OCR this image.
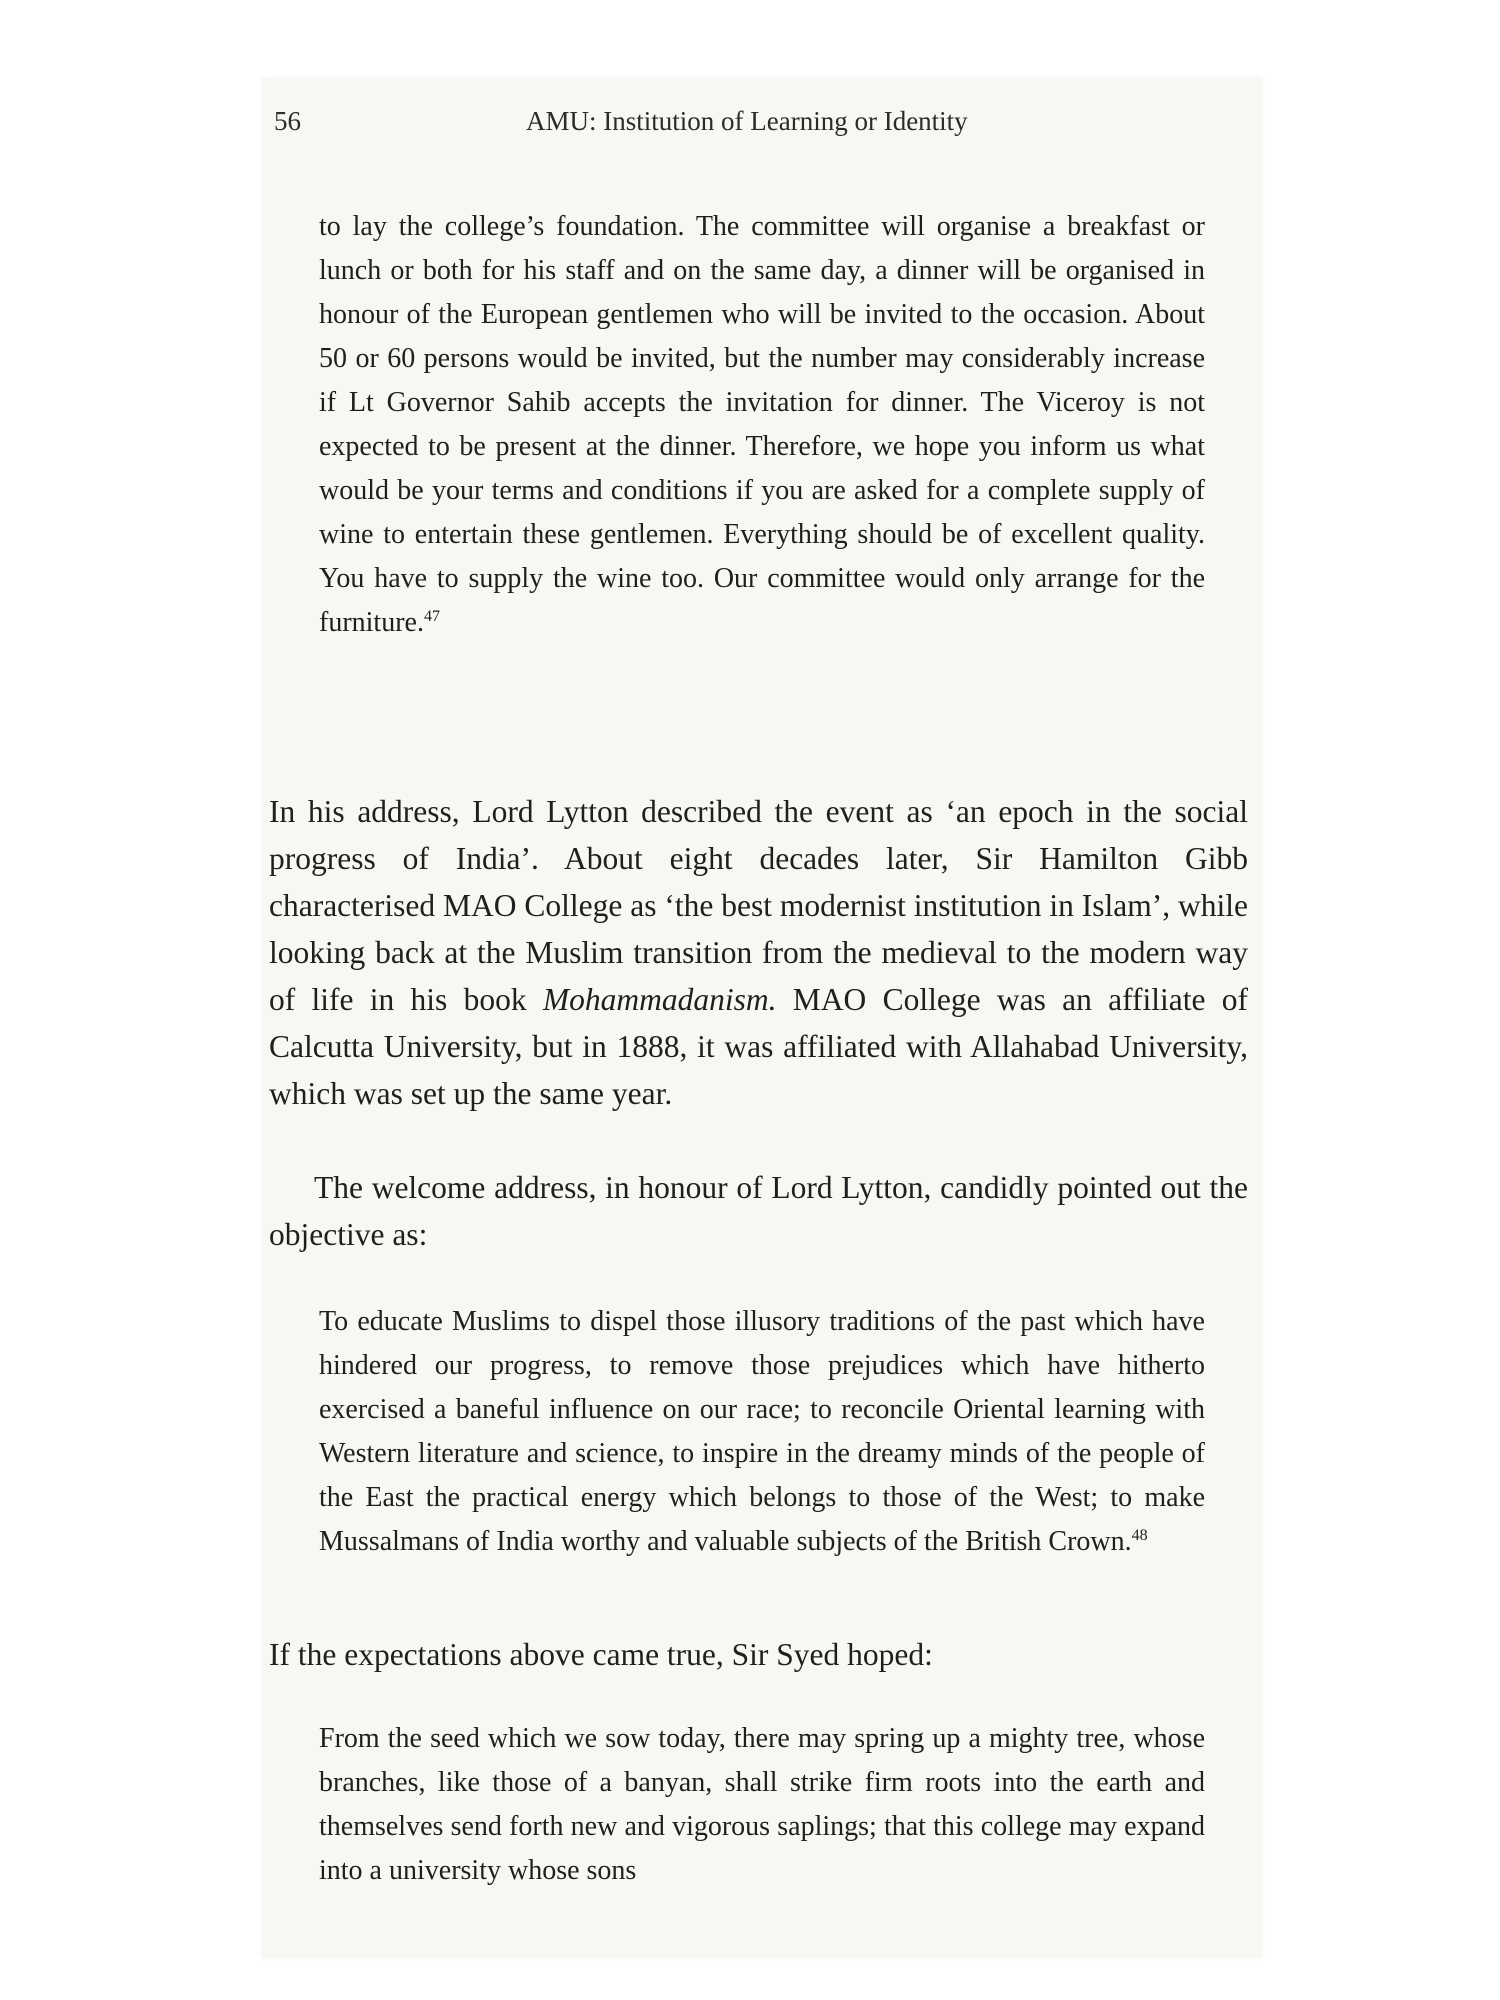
56	AMU: Institution of Learning or Identity

to lay the college’s foundation. The committee will organise a breakfast or lunch or both for his staff and on the same day, a dinner will be organised in honour of the European gentlemen who will be invited to the occasion. About 50 or 60 persons would be invited, but the number may considerably increase if Lt Governor Sahib accepts the invitation for dinner. The Viceroy is not expected to be present at the dinner. Therefore, we hope you inform us what would be your terms and conditions if you are asked for a complete supply of wine to entertain these gentlemen. Everything should be of excellent quality. You have to supply the wine too. Our committee would only arrange for the furniture.$^{47}$

In his address, Lord Lytton described the event as ‘an epoch in the social progress of India’. About eight decades later, Sir Hamilton Gibb characterised MAO College as ‘the best modernist institution in Islam’, while looking back at the Muslim transition from the medieval to the modern way of life in his book Mohammadanism. MAO College was an affiliate of Calcutta University, but in 1888, it was affiliated with Allahabad University, which was set up the same year.

The welcome address, in honour of Lord Lytton, candidly pointed out the objective as:

To educate Muslims to dispel those illusory traditions of the past which have hindered our progress, to remove those prejudices which have hitherto exercised a baneful influence on our race; to reconcile Oriental learning with Western literature and science, to inspire in the dreamy minds of the people of the East the practical energy which belongs to those of the West; to make Mussalmans of India worthy and valuable subjects of the British Crown.$^{48}$

If the expectations above came true, Sir Syed hoped:

From the seed which we sow today, there may spring up a mighty tree, whose branches, like those of a banyan, shall strike firm roots into the earth and themselves send forth new and vigorous saplings; that this college may expand into a university whose sons
